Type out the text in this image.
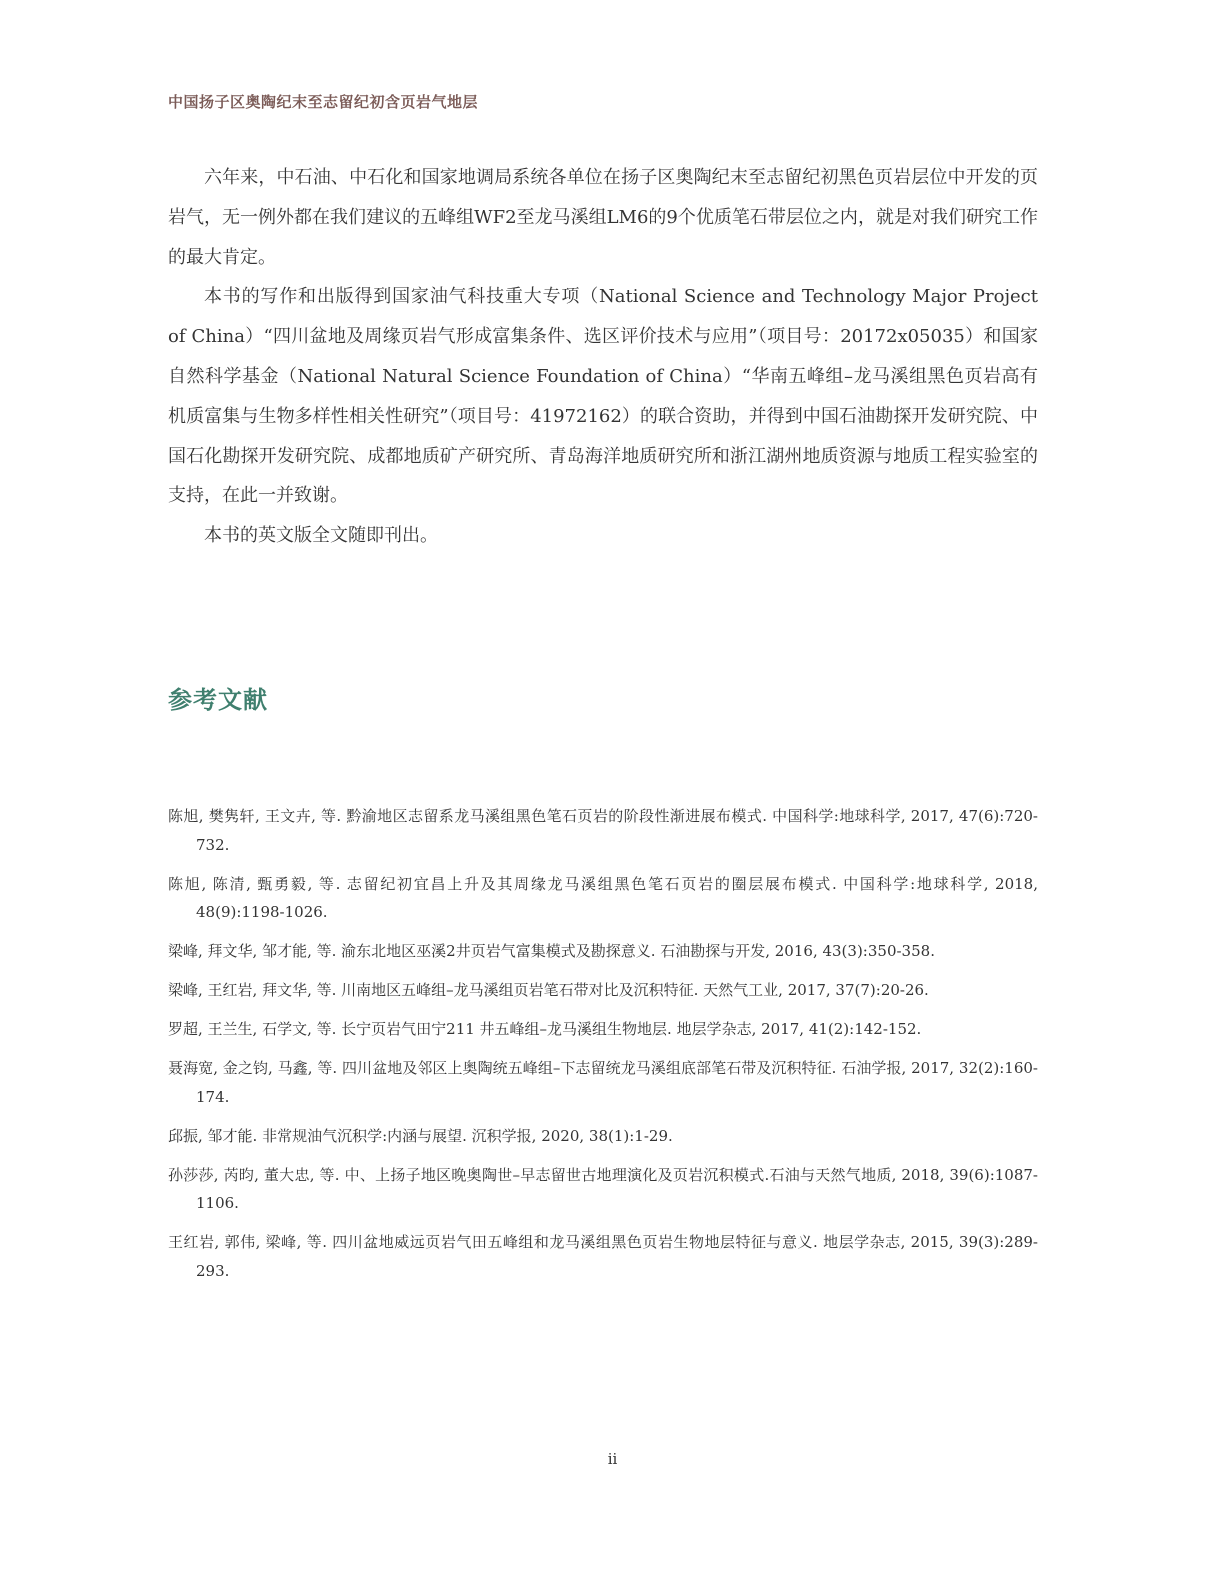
中国扬子区奥陶纪末至志留纪初含页岩气地层

六年来，中石油、中石化和国家地调局系统各单位在扬子区奥陶纪末至志留纪初黑色页岩层位中开发的页岩气，无一例外都在我们建议的五峰组WF2至龙马溪组LM6的9个优质笔石带层位之内，就是对我们研究工作的最大肯定。

本书的写作和出版得到国家油气科技重大专项（National Science and Technology Major Project of China）“四川盆地及周缘页岩气形成富集条件、选区评价技术与应用”（项目号：20172x05035）和国家自然科学基金（National Natural Science Foundation of China）“华南五峰组–龙马溪组黑色页岩高有机质富集与生物多样性相关性研究”（项目号：41972162）的联合资助，并得到中国石油勘探开发研究院、中国石化勘探开发研究院、成都地质矿产研究所、青岛海洋地质研究所和浙江湖州地质资源与地质工程实验室的支持，在此一并致谢。

本书的英文版全文随即刊出。

参考文献

陈旭, 樊隽轩, 王文卉, 等. 黔渝地区志留系龙马溪组黑色笔石页岩的阶段性渐进展布模式. 中国科学:地球科学, 2017, 47(6):720-732.

陈旭, 陈清, 甄勇毅, 等. 志留纪初宜昌上升及其周缘龙马溪组黑色笔石页岩的圈层展布模式. 中国科学:地球科学, 2018, 48(9):1198-1026.

梁峰, 拜文华, 邹才能, 等. 渝东北地区巫溪2井页岩气富集模式及勘探意义. 石油勘探与开发, 2016, 43(3):350-358.

梁峰, 王红岩, 拜文华, 等. 川南地区五峰组–龙马溪组页岩笔石带对比及沉积特征. 天然气工业, 2017, 37(7):20-26.

罗超, 王兰生, 石学文, 等. 长宁页岩气田宁211 井五峰组–龙马溪组生物地层. 地层学杂志, 2017, 41(2):142-152.

聂海宽, 金之钧, 马鑫, 等. 四川盆地及邻区上奥陶统五峰组–下志留统龙马溪组底部笔石带及沉积特征. 石油学报, 2017, 32(2):160-174.

邱振, 邹才能. 非常规油气沉积学:内涵与展望. 沉积学报, 2020, 38(1):1-29.

孙莎莎, 芮昀, 董大忠, 等. 中、上扬子地区晚奥陶世–早志留世古地理演化及页岩沉积模式.石油与天然气地质, 2018, 39(6):1087-1106.

王红岩, 郭伟, 梁峰, 等. 四川盆地威远页岩气田五峰组和龙马溪组黑色页岩生物地层特征与意义. 地层学杂志, 2015, 39(3):289-293.

ii
